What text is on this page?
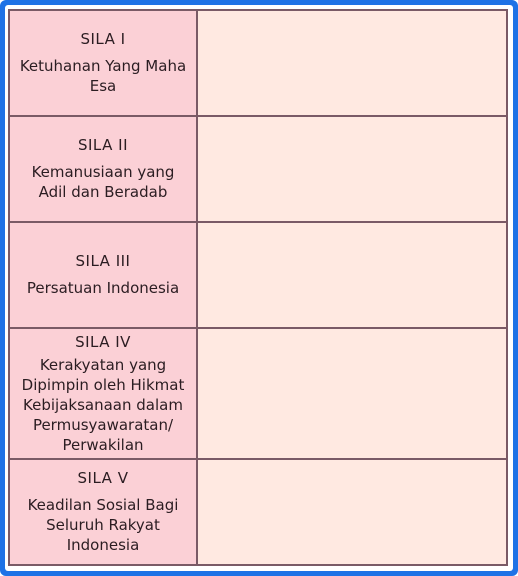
SILA I
Ketuhanan Yang Maha Esa
SILA II
Kemanusiaan yang Adil dan Beradab
SILA III
Persatuan Indonesia
SILA IV
Kerakyatan yang Dipimpin oleh Hikmat Kebijaksanaan dalam Permusyawaratan/ Perwakilan
SILA V
Keadilan Sosial Bagi Seluruh Rakyat Indonesia
